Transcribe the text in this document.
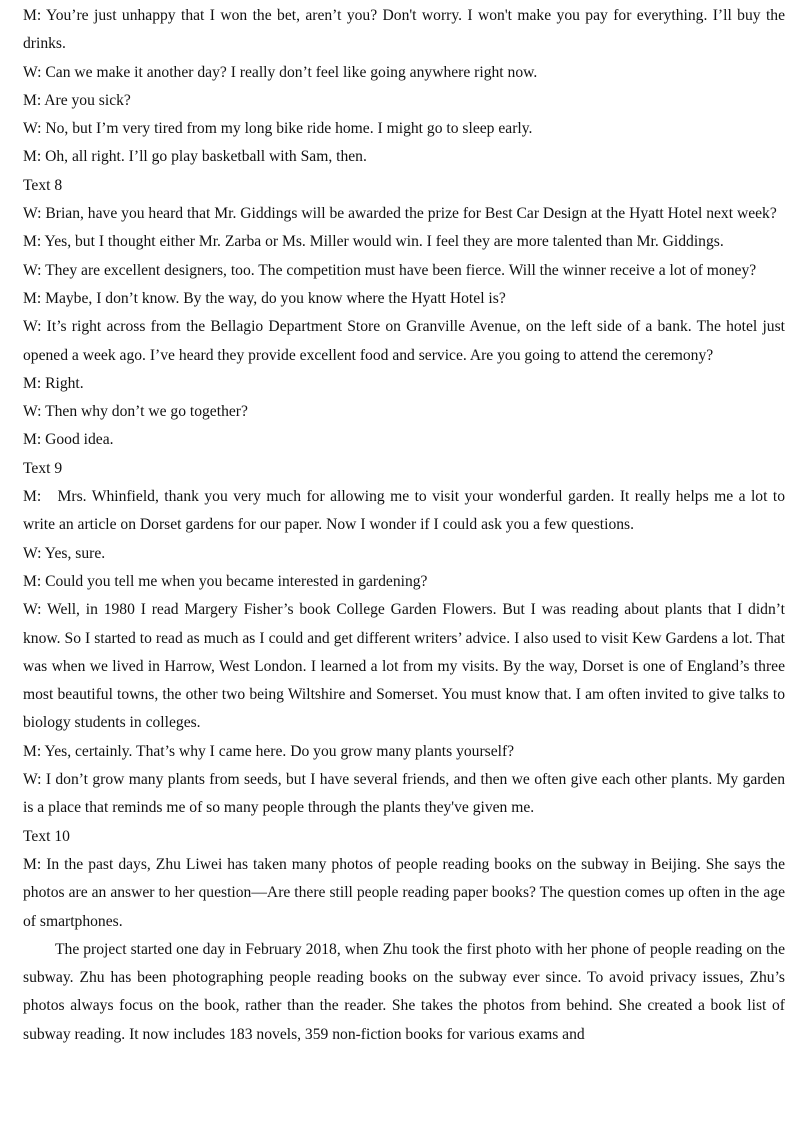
M: You’re just unhappy that I won the bet, aren’t you? Don't worry. I won't make you pay for everything. I’ll buy the drinks.

W: Can we make it another day? I really don’t feel like going anywhere right now.

M: Are you sick?

W: No, but I’m very tired from my long bike ride home. I might go to sleep early.

M: Oh, all right. I’ll go play basketball with Sam, then.

Text 8

W: Brian, have you heard that Mr. Giddings will be awarded the prize for Best Car Design at the Hyatt Hotel next week?

M: Yes, but I thought either Mr. Zarba or Ms. Miller would win. I feel they are more talented than Mr. Giddings.

W: They are excellent designers, too. The competition must have been fierce. Will the winner receive a lot of money?

M: Maybe, I don’t know. By the way, do you know where the Hyatt Hotel is?

W: It’s right across from the Bellagio Department Store on Granville Avenue, on the left side of a bank. The hotel just opened a week ago. I’ve heard they provide excellent food and service. Are you going to attend the ceremony?

M: Right.

W: Then why don’t we go together?

M: Good idea.

Text 9

M:   Mrs. Whinfield, thank you very much for allowing me to visit your wonderful garden. It really helps me a lot to write an article on Dorset gardens for our paper. Now I wonder if I could ask you a few questions.

W: Yes, sure.

M: Could you tell me when you became interested in gardening?

W: Well, in 1980 I read Margery Fisher’s book College Garden Flowers. But I was reading about plants that I didn’t know. So I started to read as much as I could and get different writers’ advice. I also used to visit Kew Gardens a lot. That was when we lived in Harrow, West London. I learned a lot from my visits. By the way, Dorset is one of England’s three most beautiful towns, the other two being Wiltshire and Somerset. You must know that. I am often invited to give talks to biology students in colleges.

M: Yes, certainly. That’s why I came here. Do you grow many plants yourself?

W: I don’t grow many plants from seeds, but I have several friends, and then we often give each other plants. My garden is a place that reminds me of so many people through the plants they've given me.

Text 10

M: In the past days, Zhu Liwei has taken many photos of people reading books on the subway in Beijing. She says the photos are an answer to her question—Are there still people reading paper books? The question comes up often in the age of smartphones.

The project started one day in February 2018, when Zhu took the first photo with her phone of people reading on the subway. Zhu has been photographing people reading books on the subway ever since. To avoid privacy issues, Zhu’s photos always focus on the book, rather than the reader. She takes the photos from behind. She created a book list of subway reading. It now includes 183 novels, 359 non-fiction books for various exams and
